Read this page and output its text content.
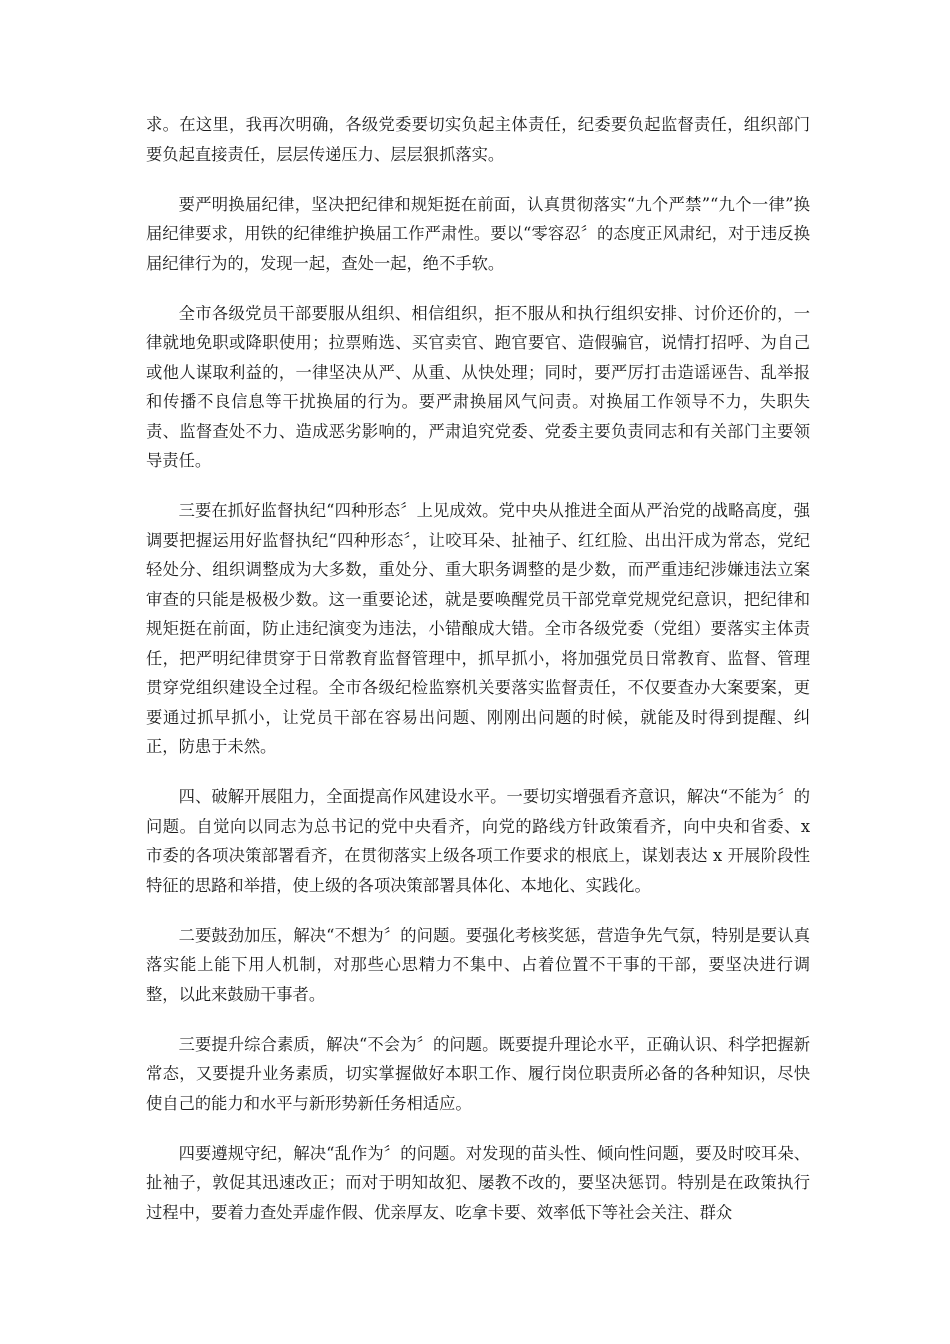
求。在这里，我再次明确，各级党委要切实负起主体责任，纪委要负起监督责任，组织部门要负起直接责任，层层传递压力、层层狠抓落实。

要严明换届纪律，坚决把纪律和规矩挺在前面，认真贯彻落实“九个严禁”“九个一律”换届纪律要求，用铁的纪律维护换届工作严肃性。要以“零容忍〞的态度正风肃纪，对于违反换届纪律行为的，发现一起，查处一起，绝不手软。

全市各级党员干部要服从组织、相信组织，拒不服从和执行组织安排、讨价还价的，一律就地免职或降职使用；拉票贿选、买官卖官、跑官要官、造假骗官，说情打招呼、为自己或他人谋取利益的，一律坚决从严、从重、从快处理；同时，要严厉打击造谣诬告、乱举报和传播不良信息等干扰换届的行为。要严肃换届风气问责。对换届工作领导不力，失职失责、监督查处不力、造成恶劣影响的，严肃追究党委、党委主要负责同志和有关部门主要领导责任。

三要在抓好监督执纪“四种形态〞上见成效。党中央从推进全面从严治党的战略高度，强调要把握运用好监督执纪“四种形态〞，让咬耳朵、扯袖子、红红脸、出出汗成为常态，党纪轻处分、组织调整成为大多数，重处分、重大职务调整的是少数，而严重违纪涉嫌违法立案审查的只能是极极少数。这一重要论述，就是要唤醒党员干部党章党规党纪意识，把纪律和规矩挺在前面，防止违纪演变为违法，小错酿成大错。全市各级党委（党组）要落实主体责任，把严明纪律贯穿于日常教育监督管理中，抓早抓小，将加强党员日常教育、监督、管理贯穿党组织建设全过程。全市各级纪检监察机关要落实监督责任，不仅要查办大案要案，更要通过抓早抓小，让党员干部在容易出问题、刚刚出问题的时候，就能及时得到提醒、纠正，防患于未然。

四、破解开展阻力，全面提高作风建设水平。一要切实增强看齐意识，解决“不能为〞的问题。自觉向以同志为总书记的党中央看齐，向党的路线方针政策看齐，向中央和省委、x 市委的各项决策部署看齐，在贯彻落实上级各项工作要求的根底上，谋划表达 x 开展阶段性特征的思路和举措，使上级的各项决策部署具体化、本地化、实践化。

二要鼓劲加压，解决“不想为〞的问题。要强化考核奖惩，营造争先气氛，特别是要认真落实能上能下用人机制，对那些心思精力不集中、占着位置不干事的干部，要坚决进行调整，以此来鼓励干事者。

三要提升综合素质，解决“不会为〞的问题。既要提升理论水平，正确认识、科学把握新常态，又要提升业务素质，切实掌握做好本职工作、履行岗位职责所必备的各种知识，尽快使自己的能力和水平与新形势新任务相适应。

四要遵规守纪，解决“乱作为〞的问题。对发现的苗头性、倾向性问题，要及时咬耳朵、扯袖子，敦促其迅速改正；而对于明知故犯、屡教不改的，要坚决惩罚。特别是在政策执行过程中，要着力查处弄虚作假、优亲厚友、吃拿卡要、效率低下等社会关注、群众
